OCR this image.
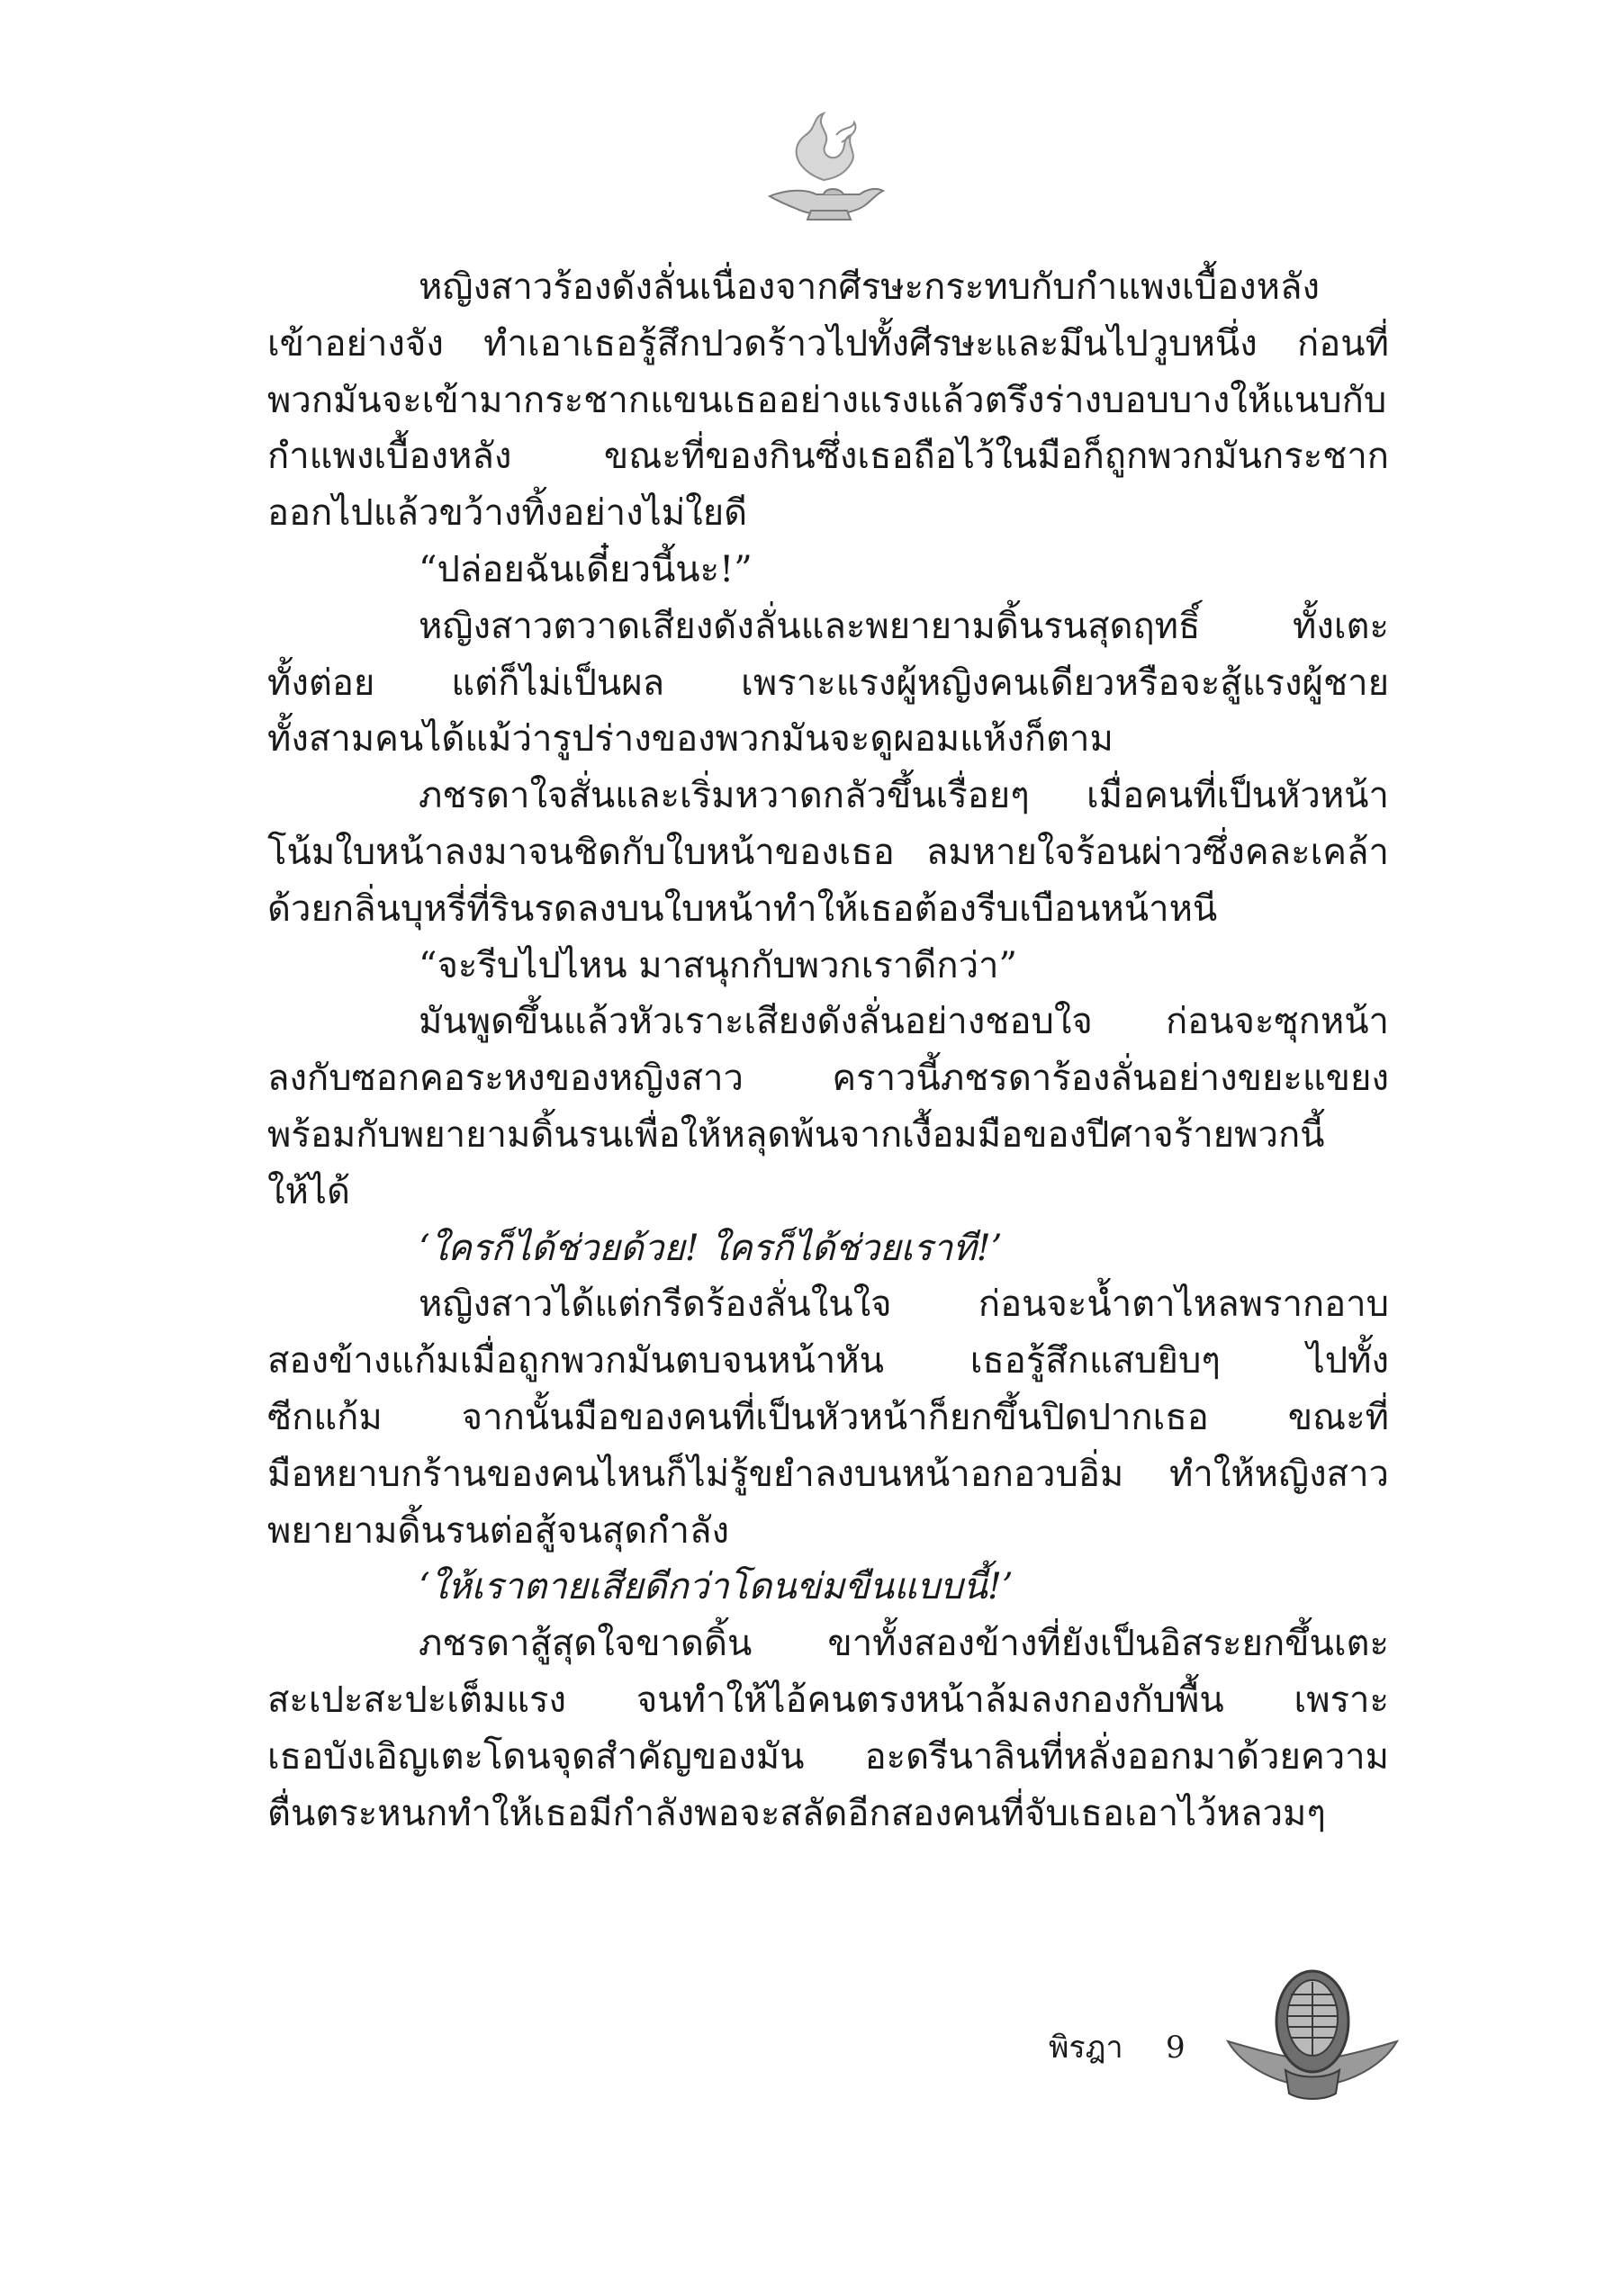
หญิงสาวร้องดังลั่นเนื่องจากศีรษะกระทบกับกำแพงเบื้องหลัง
เข้าอย่างจัง ทำเอาเธอรู้สึกปวดร้าวไปทั้งศีรษะและมึนไปวูบหนึ่ง ก่อนที่
พวกมันจะเข้ามากระชากแขนเธออย่างแรงแล้วตรึงร่างบอบบางให้แนบกับ
กำแพงเบื้องหลัง ขณะที่ของกินซึ่งเธอถือไว้ในมือก็ถูกพวกมันกระชาก
ออกไปแล้วขว้างทิ้งอย่างไม่ใยดี
“ปล่อยฉันเดี๋ยวนี้นะ!”
หญิงสาวตวาดเสียงดังลั่นและพยายามดิ้นรนสุดฤทธิ์ ทั้งเตะ
ทั้งต่อย แต่ก็ไม่เป็นผล เพราะแรงผู้หญิงคนเดียวหรือจะสู้แรงผู้ชาย
ทั้งสามคนได้แม้ว่ารูปร่างของพวกมันจะดูผอมแห้งก็ตาม
ภชรดาใจสั่นและเริ่มหวาดกลัวขึ้นเรื่อยๆ เมื่อคนที่เป็นหัวหน้า
โน้มใบหน้าลงมาจนชิดกับใบหน้าของเธอ ลมหายใจร้อนผ่าวซึ่งคละเคล้า
ด้วยกลิ่นบุหรี่ที่รินรดลงบนใบหน้าทำให้เธอต้องรีบเบือนหน้าหนี
“จะรีบไปไหน มาสนุกกับพวกเราดีกว่า”
มันพูดขึ้นแล้วหัวเราะเสียงดังลั่นอย่างชอบใจ ก่อนจะซุกหน้า
ลงกับซอกคอระหงของหญิงสาว คราวนี้ภชรดาร้องลั่นอย่างขยะแขยง
พร้อมกับพยายามดิ้นรนเพื่อให้หลุดพ้นจากเงื้อมมือของปีศาจร้ายพวกนี้
ให้ได้
‘ใครก็ได้ช่วยด้วย! ใครก็ได้ช่วยเราที!’
หญิงสาวได้แต่กรีดร้องลั่นในใจ ก่อนจะน้ำตาไหลพรากอาบ
สองข้างแก้มเมื่อถูกพวกมันตบจนหน้าหัน เธอรู้สึกแสบยิบๆ ไปทั้ง
ซีกแก้ม จากนั้นมือของคนที่เป็นหัวหน้าก็ยกขึ้นปิดปากเธอ ขณะที่
มือหยาบกร้านของคนไหนก็ไม่รู้ขยำลงบนหน้าอกอวบอิ่ม ทำให้หญิงสาว
พยายามดิ้นรนต่อสู้จนสุดกำลัง
‘ให้เราตายเสียดีกว่าโดนข่มขืนแบบนี้!’
ภชรดาสู้สุดใจขาดดิ้น ขาทั้งสองข้างที่ยังเป็นอิสระยกขึ้นเตะ
สะเปะสะปะเต็มแรง จนทำให้ไอ้คนตรงหน้าล้มลงกองกับพื้น เพราะ
เธอบังเอิญเตะโดนจุดสำคัญของมัน อะดรีนาลินที่หลั่งออกมาด้วยความ
ตื่นตระหนกทำให้เธอมีกำลังพอจะสลัดอีกสองคนที่จับเธอเอาไว้หลวมๆ
พิรฎา 9
